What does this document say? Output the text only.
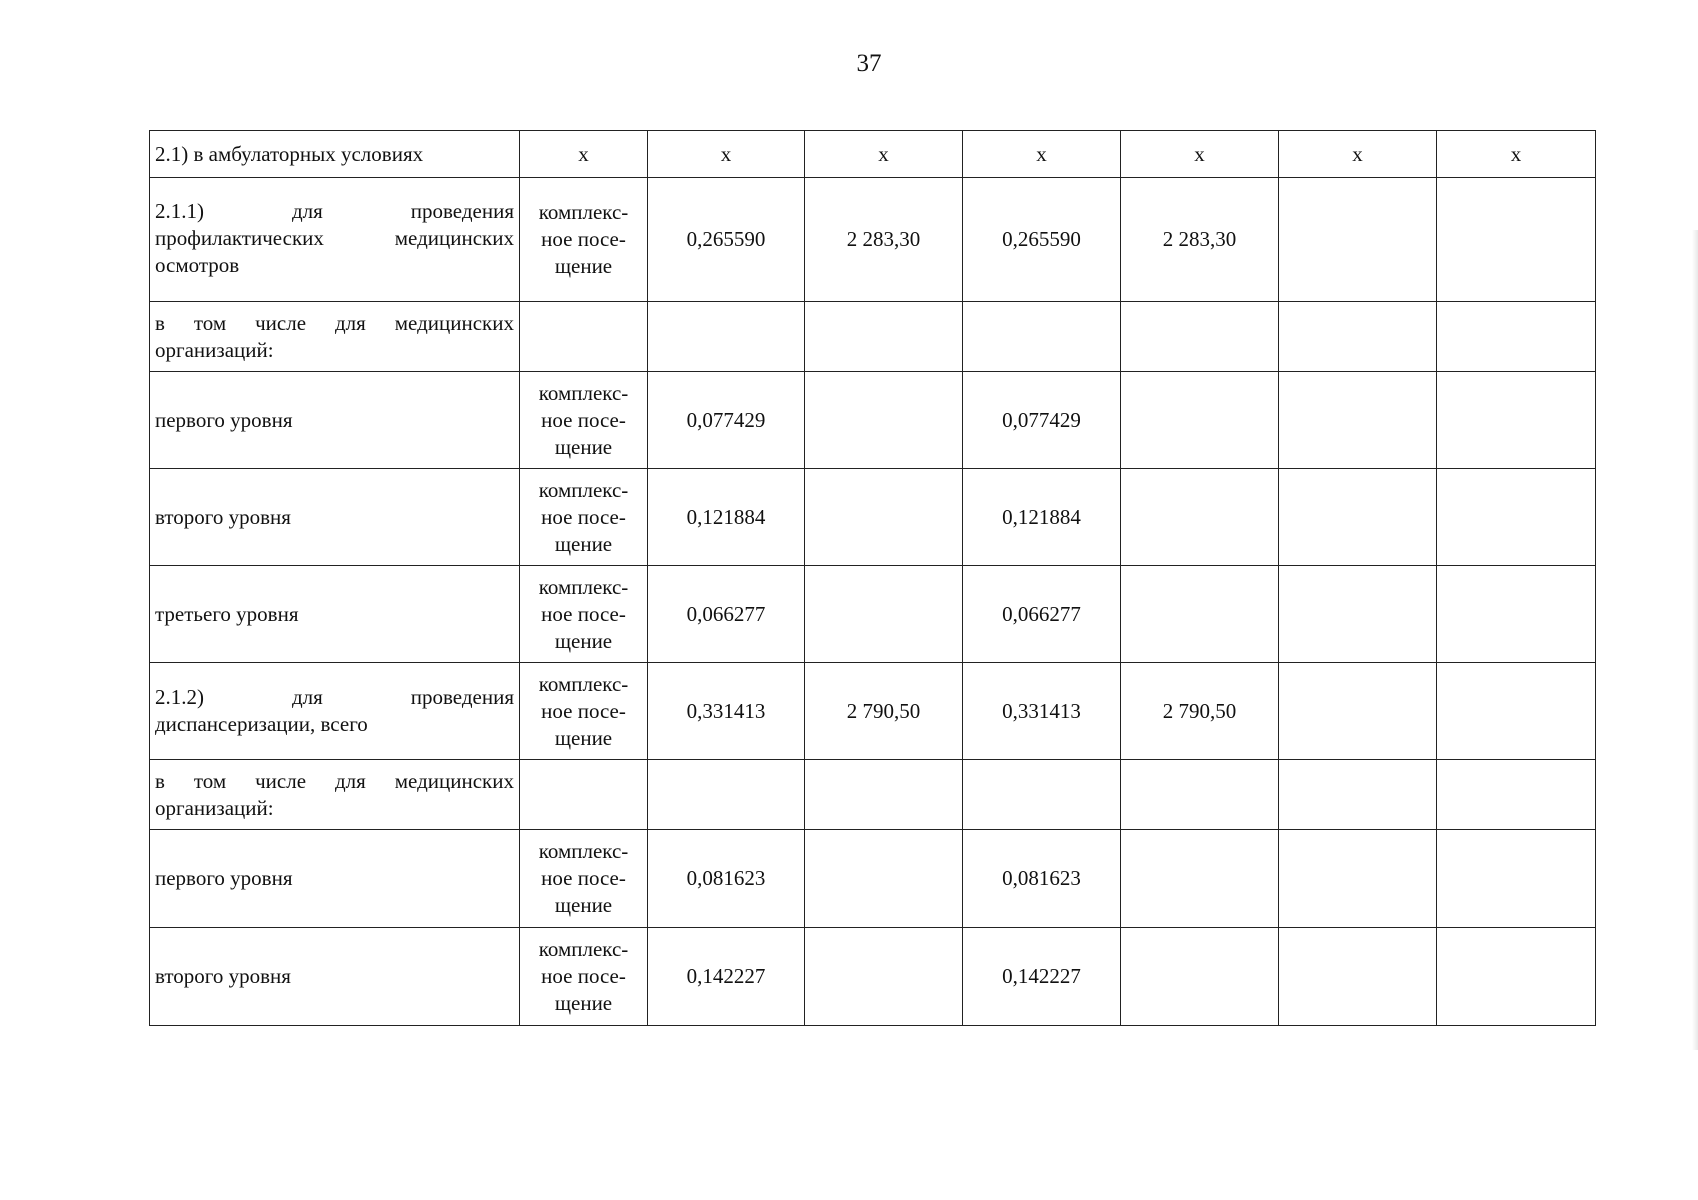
37
2.1) в амбулаторных условиях	х	х	х	х	х	х	х
2.1.1) для проведения профилактических медицинских осмотров	комплекс-
ное посе-
щение	0,265590	2 283,30	0,265590	2 283,30		
в том числе для медицинских организаций:							
первого уровня	комплекс-
ное посе-
щение	0,077429		0,077429			
второго уровня	комплекс-
ное посе-
щение	0,121884		0,121884			
третьего уровня	комплекс-
ное посе-
щение	0,066277		0,066277			
2.1.2) для проведения диспансеризации, всего	комплекс-
ное посе-
щение	0,331413	2 790,50	0,331413	2 790,50		
в том числе для медицинских организаций:							
первого уровня	комплекс-
ное посе-
щение	0,081623		0,081623			
второго уровня	комплекс-
ное посе-
щение	0,142227		0,142227			
